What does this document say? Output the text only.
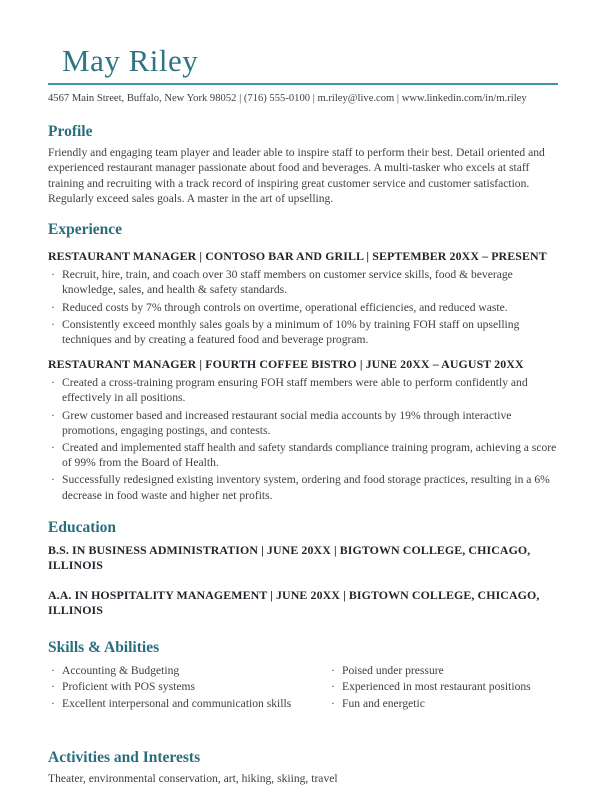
May Riley

4567 Main Street, Buffalo, New York 98052 | (716) 555-0100 | m.riley@live.com | www.linkedin.com/in/m.riley

Profile

Friendly and engaging team player and leader able to inspire staff to perform their best. Detail oriented and experienced restaurant manager passionate about food and beverages. A multi-tasker who excels at staff training and recruiting with a track record of inspiring great customer service and customer satisfaction. Regularly exceed sales goals. A master in the art of upselling.

Experience
RESTAURANT MANAGER | CONTOSO BAR AND GRILL | SEPTEMBER 20XX – PRESENT
· Recruit, hire, train, and coach over 30 staff members on customer service skills, food & beverage knowledge, sales, and health & safety standards.
· Reduced costs by 7% through controls on overtime, operational efficiencies, and reduced waste.
· Consistently exceed monthly sales goals by a minimum of 10% by training FOH staff on upselling techniques and by creating a featured food and beverage program.
RESTAURANT MANAGER | FOURTH COFFEE BISTRO | JUNE 20XX – AUGUST 20XX
· Created a cross-training program ensuring FOH staff members were able to perform confidently and effectively in all positions.
· Grew customer based and increased restaurant social media accounts by 19% through interactive promotions, engaging postings, and contests.
· Created and implemented staff health and safety standards compliance training program, achieving a score of 99% from the Board of Health.
· Successfully redesigned existing inventory system, ordering and food storage practices, resulting in a 6% decrease in food waste and higher net profits.
Education
B.S. IN BUSINESS ADMINISTRATION | JUNE 20XX | BIGTOWN COLLEGE, CHICAGO, ILLINOIS
A.A. IN HOSPITALITY MANAGEMENT | JUNE 20XX | BIGTOWN COLLEGE, CHICAGO, ILLINOIS
Skills & Abilities
· Accounting & Budgeting
· Proficient with POS systems
· Excellent interpersonal and communication skills
· Poised under pressure
· Experienced in most restaurant positions
· Fun and energetic
Activities and Interests

Theater, environmental conservation, art, hiking, skiing, travel
